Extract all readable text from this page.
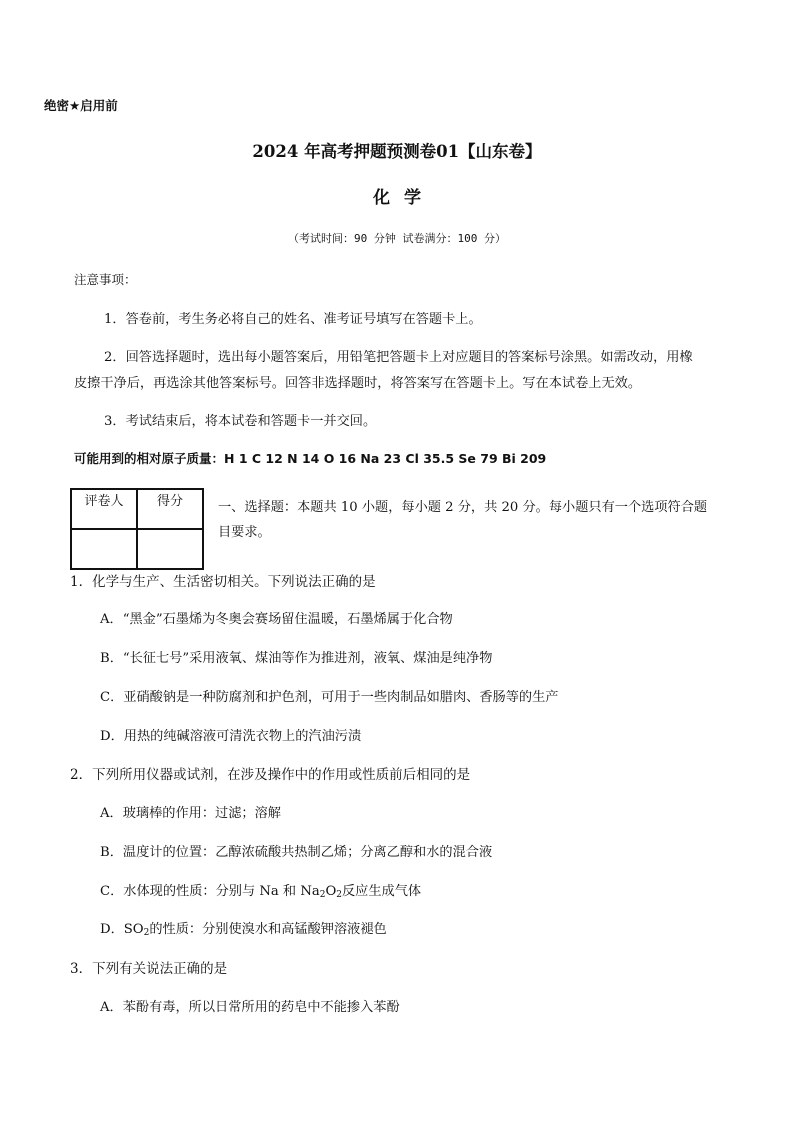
绝密★启用前
2024 年高考押题预测卷01【山东卷】
化学
（考试时间：90 分钟 试卷满分：100 分）
注意事项：
1．答卷前，考生务必将自己的姓名、准考证号填写在答题卡上。
2．回答选择题时，选出每小题答案后，用铅笔把答题卡上对应题目的答案标号涂黑。如需改动，用橡
皮擦干净后，再选涂其他答案标号。回答非选择题时，将答案写在答题卡上。写在本试卷上无效。
3．考试结束后，将本试卷和答题卡一并交回。
可能用到的相对原子质量：H 1 C 12 N 14 O 16 Na 23 Cl 35.5 Se 79 Bi 209
评卷人	得分
		一、选择题：本题共 10 小题，每小题 2 分，共 20 分。每小题只有一个选项符合题
目要求。
1．化学与生产、生活密切相关。下列说法正确的是
A．“黑金”石墨烯为冬奥会赛场留住温暖，石墨烯属于化合物
B．“长征七号”采用液氧、煤油等作为推进剂，液氧、煤油是纯净物
C．亚硝酸钠是一种防腐剂和护色剂，可用于一些肉制品如腊肉、香肠等的生产
D．用热的纯碱溶液可清洗衣物上的汽油污渍
2．下列所用仪器或试剂，在涉及操作中的作用或性质前后相同的是
A．玻璃棒的作用：过滤；溶解
B．温度计的位置：乙醇浓硫酸共热制乙烯；分离乙醇和水的混合液
C．水体现的性质：分别与 Na 和 $Na_2O_2$反应生成气体
D．$SO_2$的性质：分别使溴水和高锰酸钾溶液褪色
3．下列有关说法正确的是
A．苯酚有毒，所以日常所用的药皂中不能掺入苯酚
